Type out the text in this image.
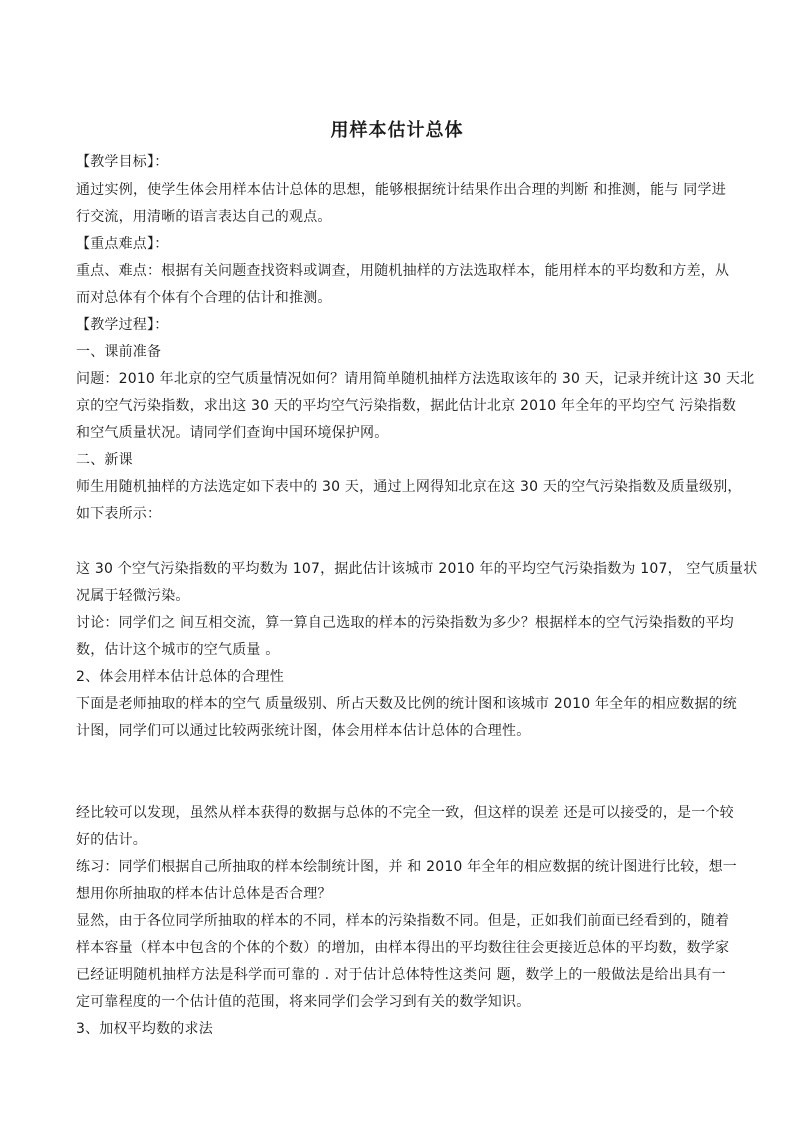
用样本估计总体
【教学目标】：
通过实例，使学生体会用样本估计总体的思想，能够根据统计结果作出合理的判断 和推测，能与 同学进
行交流，用清晰的语言表达自己的观点。
【重点难点】：
重点、难点：根据有关问题查找资料或调查，用随机抽样的方法选取样本，能用样本的平均数和方差，从
而对总体有个体有个合理的估计和推测。
【教学过程】：
一、课前准备
问题：2010 年北京的空气质量情况如何？请用简单随机抽样方法选取该年的 30 天，记录并统计这 30 天北
京的空气污染指数，求出这 30 天的平均空气污染指数，据此估计北京 2010 年全年的平均空气 污染指数
和空气质量状况。请同学们查询中国环境保护网。
二、新课
师生用随机抽样的方法选定如下表中的 30 天，通过上网得知北京在这 30 天的空气污染指数及质量级别，
如下表所示：
这 30 个空气污染指数的平均数为 107，据此估计该城市 2010 年的平均空气污染指数为 107， 空气质量状
况属于轻微污染。
讨论：同学们之 间互相交流，算一算自己选取的样本的污染指数为多少？根据样本的空气污染指数的平均
数，估计这个城市的空气质量 。
2、体会用样本估计总体的合理性
下面是老师抽取的样本的空气 质量级别、所占天数及比例的统计图和该城市 2010 年全年的相应数据的统
计图，同学们可以通过比较两张统计图，体会用样本估计总体的合理性。
经比较可以发现，虽然从样本获得的数据与总体的不完全一致，但这样的误差 还是可以接受的，是一个较
好的估计。
练习：同学们根据自己所抽取的样本绘制统计图，并 和 2010 年全年的相应数据的统计图进行比较，想一
想用你所抽取的样本估计总体是否合理？
显然，由于各位同学所抽取的样本的不同，样本的污染指数不同。但是，正如我们前面已经看到的，随着
样本容量（样本中包含的个体的个数）的增加，由样本得出的平均数往往会更接近总体的平均数，数学家
已经证明随机抽样方法是科学而可靠的 . 对于估计总体特性这类问 题，数学上的一般做法是给出具有一
定可靠程度的一个估计值的范围，将来同学们会学习到有关的数学知识。
3、加权平均数的求法
